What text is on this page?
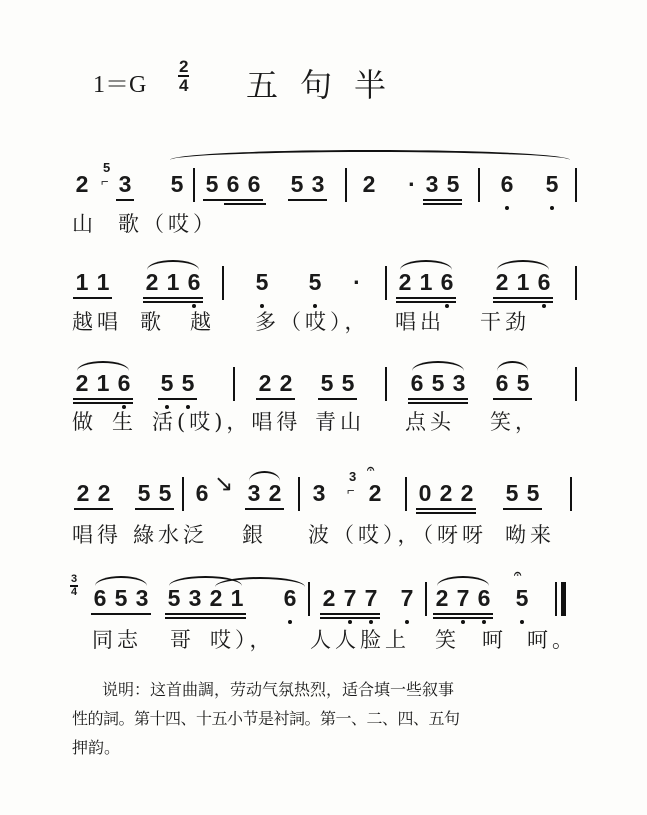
$1=G \frac{2}{4}$ 五句半
2
5
⌐ 3 5 5 6 6 5 3 2 · 3 5 6 5
山 歌（哎）
1 1 2 1 6 5 5 · 2 1 6 2 1 6
越唱 歌 越 多（哎）， 唱出 干劲
2 1 6 5 5	2 2 5 5 6 5 3 6 5
做 生 活(哎)，唱得 青山 点头 笑，
2 2 5 5 6 ↘ 3 2 3
3
⌐ 2
𝄐
0 2 2 5 5
唱得 綠水泛 銀 波（哎），（呀呀 呦来
6 5 3 5 3 2 1 6 2 7 7 7 2 7 6 5
𝄐
$\frac{3}{4}$
同志 哥 哎）， 人人脸上 笑 呵 呵。
说明：这首曲調，劳动气氛热烈，适合填一些叙事
性的詞。第十四、十五小节是衬詞。第一、二、四、五句
押韵。
